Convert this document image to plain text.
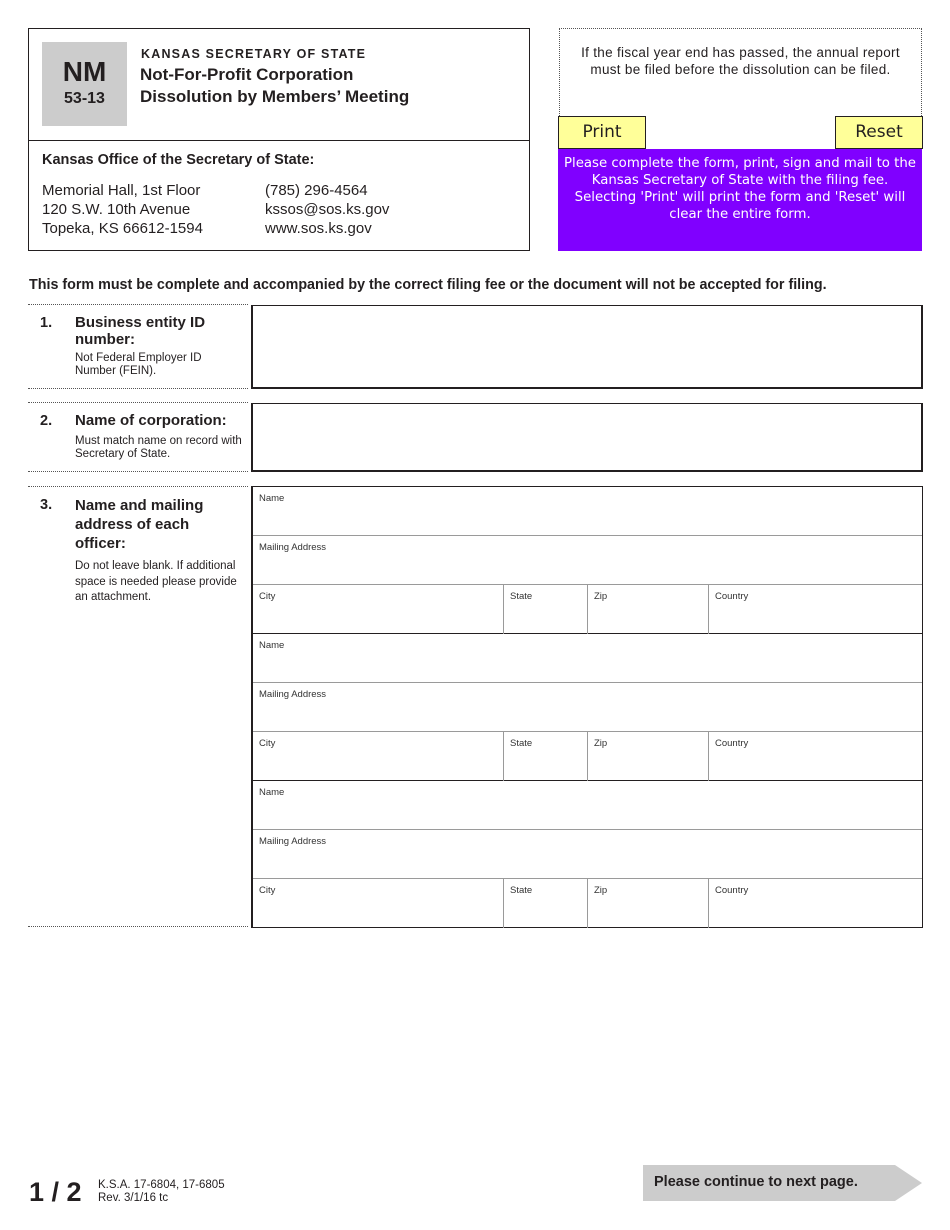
NM
53-13
KANSAS SECRETARY OF STATE
Not-For-Profit Corporation
Dissolution by Members’ Meeting
Kansas Office of the Secretary of State:
Memorial Hall, 1st Floor
120 S.W. 10th Avenue
Topeka, KS 66612-1594
(785) 296-4564
kssos@sos.ks.gov
www.sos.ks.gov
If the fiscal year end has passed, the annual report must be filed before the dissolution can be filed.
Print	Reset
Please complete the form, print, sign and mail to the Kansas Secretary of State with the filing fee. Selecting 'Print' will print the form and 'Reset' will clear the entire form.
This form must be complete and accompanied by the correct filing fee or the document will not be accepted for filing.
1. Business entity ID number:
Not Federal Employer ID Number (FEIN).
2. Name of corporation:
Must match name on record with Secretary of State.
3. Name and mailing address of each officer:
Do not leave blank. If additional space is needed please provide an attachment.
Name
Mailing Address
City	State	Zip	Country
Name
Mailing Address
City	State	Zip	Country
Name
Mailing Address
City	State	Zip	Country
1 / 2 K.S.A. 17-6804, 17-6805
Rev. 3/1/16 tc
Please continue to next page.
